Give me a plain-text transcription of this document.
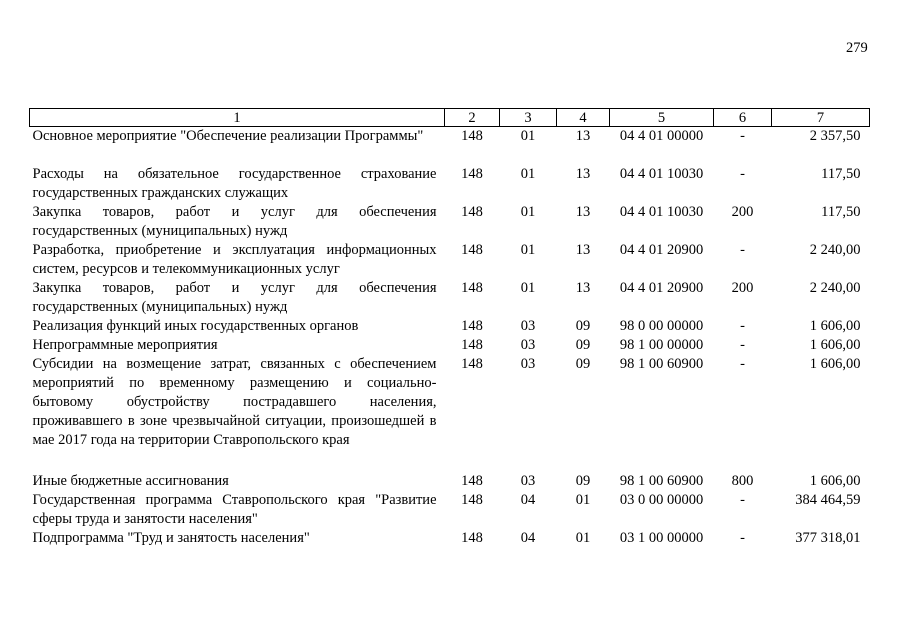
279
1	2	3	4	5	6	7
Основное мероприятие "Обеспечение реализации Программы"	148	01	13	04 4 01 00000	-	2 357,50
Расходы на обязательное государственное страхование государственных гражданских служащих	148	01	13	04 4 01 10030	-	117,50
Закупка товаров, работ и услуг для обеспечения государственных (муниципальных) нужд	148	01	13	04 4 01 10030	200	117,50
Разработка, приобретение и эксплуатация информационных систем, ресурсов и телекоммуникационных услуг	148	01	13	04 4 01 20900	-	2 240,00
Закупка товаров, работ и услуг для обеспечения государственных (муниципальных) нужд	148	01	13	04 4 01 20900	200	2 240,00
Реализация функций иных государственных органов	148	03	09	98 0 00 00000	-	1 606,00
Непрограммные мероприятия	148	03	09	98 1 00 00000	-	1 606,00
Субсидии на возмещение затрат, связанных с обеспечением мероприятий по временному размещению и социально-бытовому обустройству пострадавшего населения, проживавшего в зоне чрезвычайной ситуации, произошедшей в мае 2017 года на территории Ставропольского края	148	03	09	98 1 00 60900	-	1 606,00
Иные бюджетные ассигнования	148	03	09	98 1 00 60900	800	1 606,00
Государственная программа Ставропольского края "Развитие сферы труда и занятости населения"	148	04	01	03 0 00 00000	-	384 464,59
Подпрограмма "Труд и занятость населения"	148	04	01	03 1 00 00000	-	377 318,01
